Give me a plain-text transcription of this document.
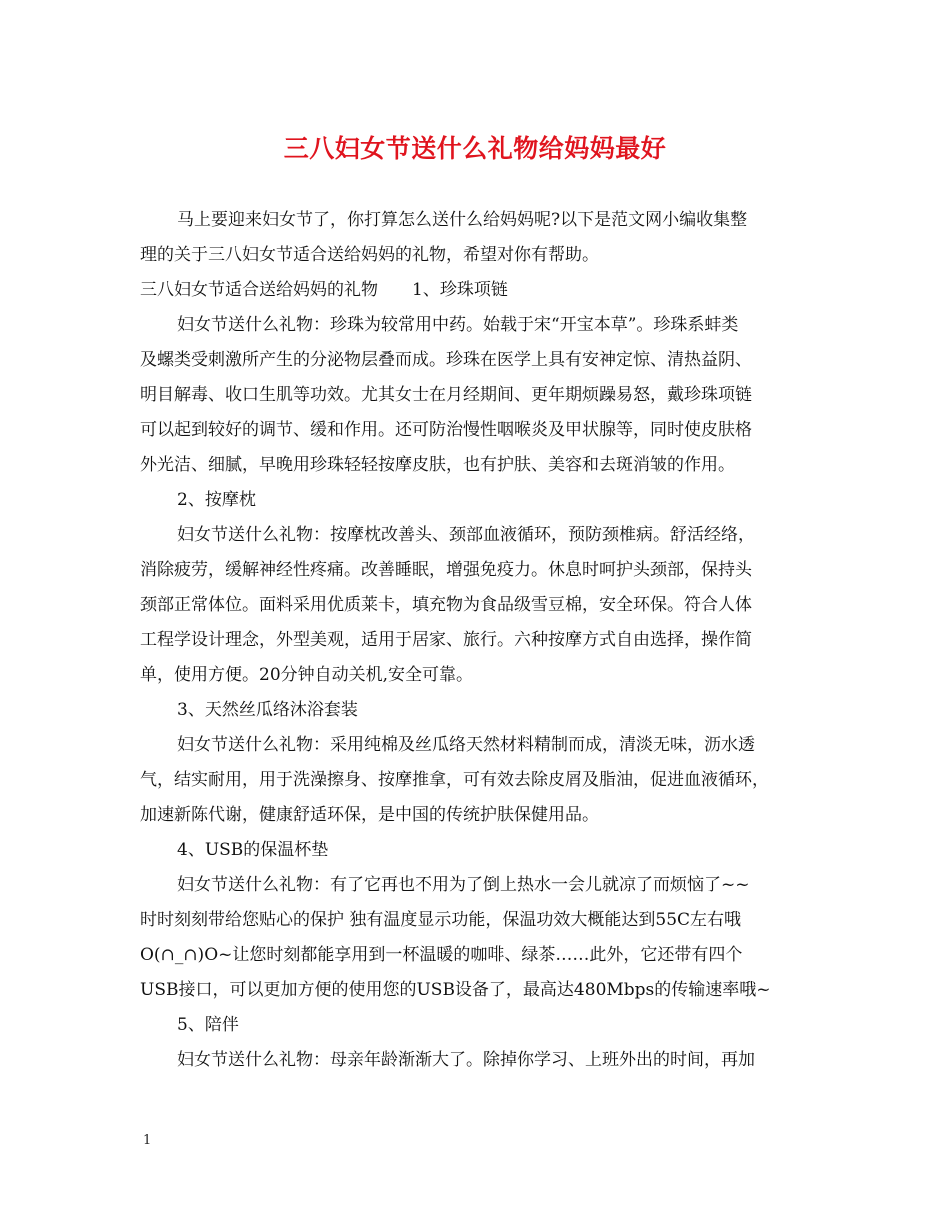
三八妇女节送什么礼物给妈妈最好
马上要迎来妇女节了，你打算怎么送什么给妈妈呢?以下是范文网小编收集整
理的关于三八妇女节适合送给妈妈的礼物，希望对你有帮助。
三八妇女节适合送给妈妈的礼物　　1、珍珠项链
妇女节送什么礼物：珍珠为较常用中药。始载于宋“开宝本草”。珍珠系蚌类
及螺类受刺激所产生的分泌物层叠而成。珍珠在医学上具有安神定惊、清热益阴、
明目解毒、收口生肌等功效。尤其女士在月经期间、更年期烦躁易怒，戴珍珠项链
可以起到较好的调节、缓和作用。还可防治慢性咽喉炎及甲状腺等，同时使皮肤格
外光洁、细腻，早晚用珍珠轻轻按摩皮肤，也有护肤、美容和去斑消皱的作用。
2、按摩枕
妇女节送什么礼物：按摩枕改善头、颈部血液循环，预防颈椎病。舒活经络，
消除疲劳，缓解神经性疼痛。改善睡眠，增强免疫力。休息时呵护头颈部，保持头
颈部正常体位。面料采用优质莱卡，填充物为食品级雪豆棉，安全环保。符合人体
工程学设计理念，外型美观，适用于居家、旅行。六种按摩方式自由选择，操作简
单，使用方便。20分钟自动关机,安全可靠。
3、天然丝瓜络沐浴套装
妇女节送什么礼物：采用纯棉及丝瓜络天然材料精制而成，清淡无味，沥水透
气，结实耐用，用于洗澡擦身、按摩推拿，可有效去除皮屑及脂油，促进血液循环，
加速新陈代谢，健康舒适环保，是中国的传统护肤保健用品。
4、USB的保温杯垫
妇女节送什么礼物：有了它再也不用为了倒上热水一会儿就凉了而烦恼了~~
时时刻刻带给您贴心的保护 独有温度显示功能，保温功效大概能达到55C左右哦
O(∩_∩)O~让您时刻都能享用到一杯温暖的咖啡、绿茶……此外，它还带有四个
USB接口，可以更加方便的使用您的USB设备了，最高达480Mbps的传输速率哦~
5、陪伴
妇女节送什么礼物：母亲年龄渐渐大了。除掉你学习、上班外出的时间，再加
1
